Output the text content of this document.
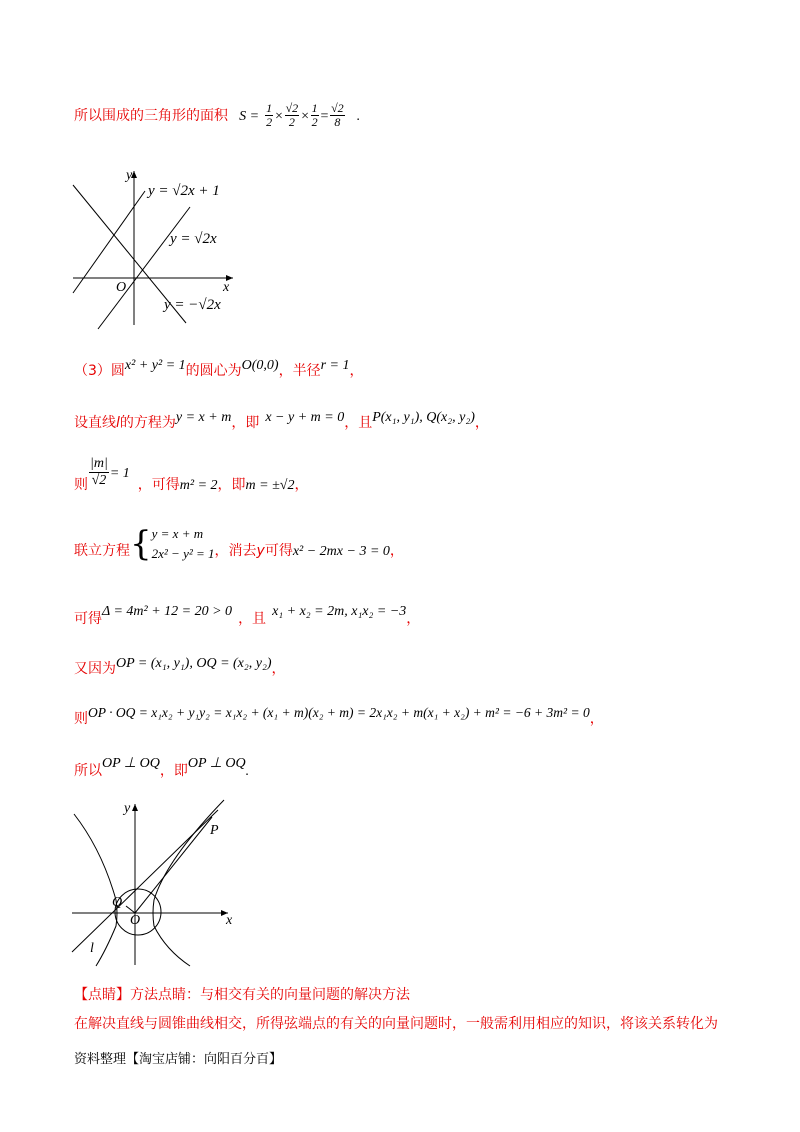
所以围成的三角形的面积 $S = \frac{1}{2} \times \frac{√2}{2} \times \frac{1}{2} = \frac{√2}{8}$ .
y = √2x + 1
y = √2x
y = −√2x
x
y
O
（3）圆x² + y² = 1的圆心为O(0,0)，半径r = 1，
设直线l的方程为y = x + m，即 x − y + m = 0，且P(x₁, y₁), Q(x₂, y₂)，
则 $\frac{|m|}{√2} = 1$，可得m² = 2，即m = ±√2，
联立方程{ y = x + m
2x² − y² = 1 ，消去y可得x² − 2mx − 3 = 0，
可得Δ = 4m² + 12 = 20 > 0 ，且 x₁ + x₂ = 2m, x₁x₂ = −3，
又因为OP = (x₁, y₁), OQ = (x₂, y₂)，
则OP · OQ = x₁x₂ + y₁y₂ = x₁x₂ + (x₁ + m)(x₂ + m) = 2x₁x₂ + m(x₁ + x₂) + m² = −6 + 3m² = 0，
所以OP ⊥ OQ，即OP ⊥ OQ.
x
y
O
P
Q
l
【点睛】方法点睛：与相交有关的向量问题的解决方法
在解决直线与圆锥曲线相交，所得弦端点的有关的向量问题时，一般需利用相应的知识，将该关系转化为
资料整理【淘宝店铺：向阳百分百】
